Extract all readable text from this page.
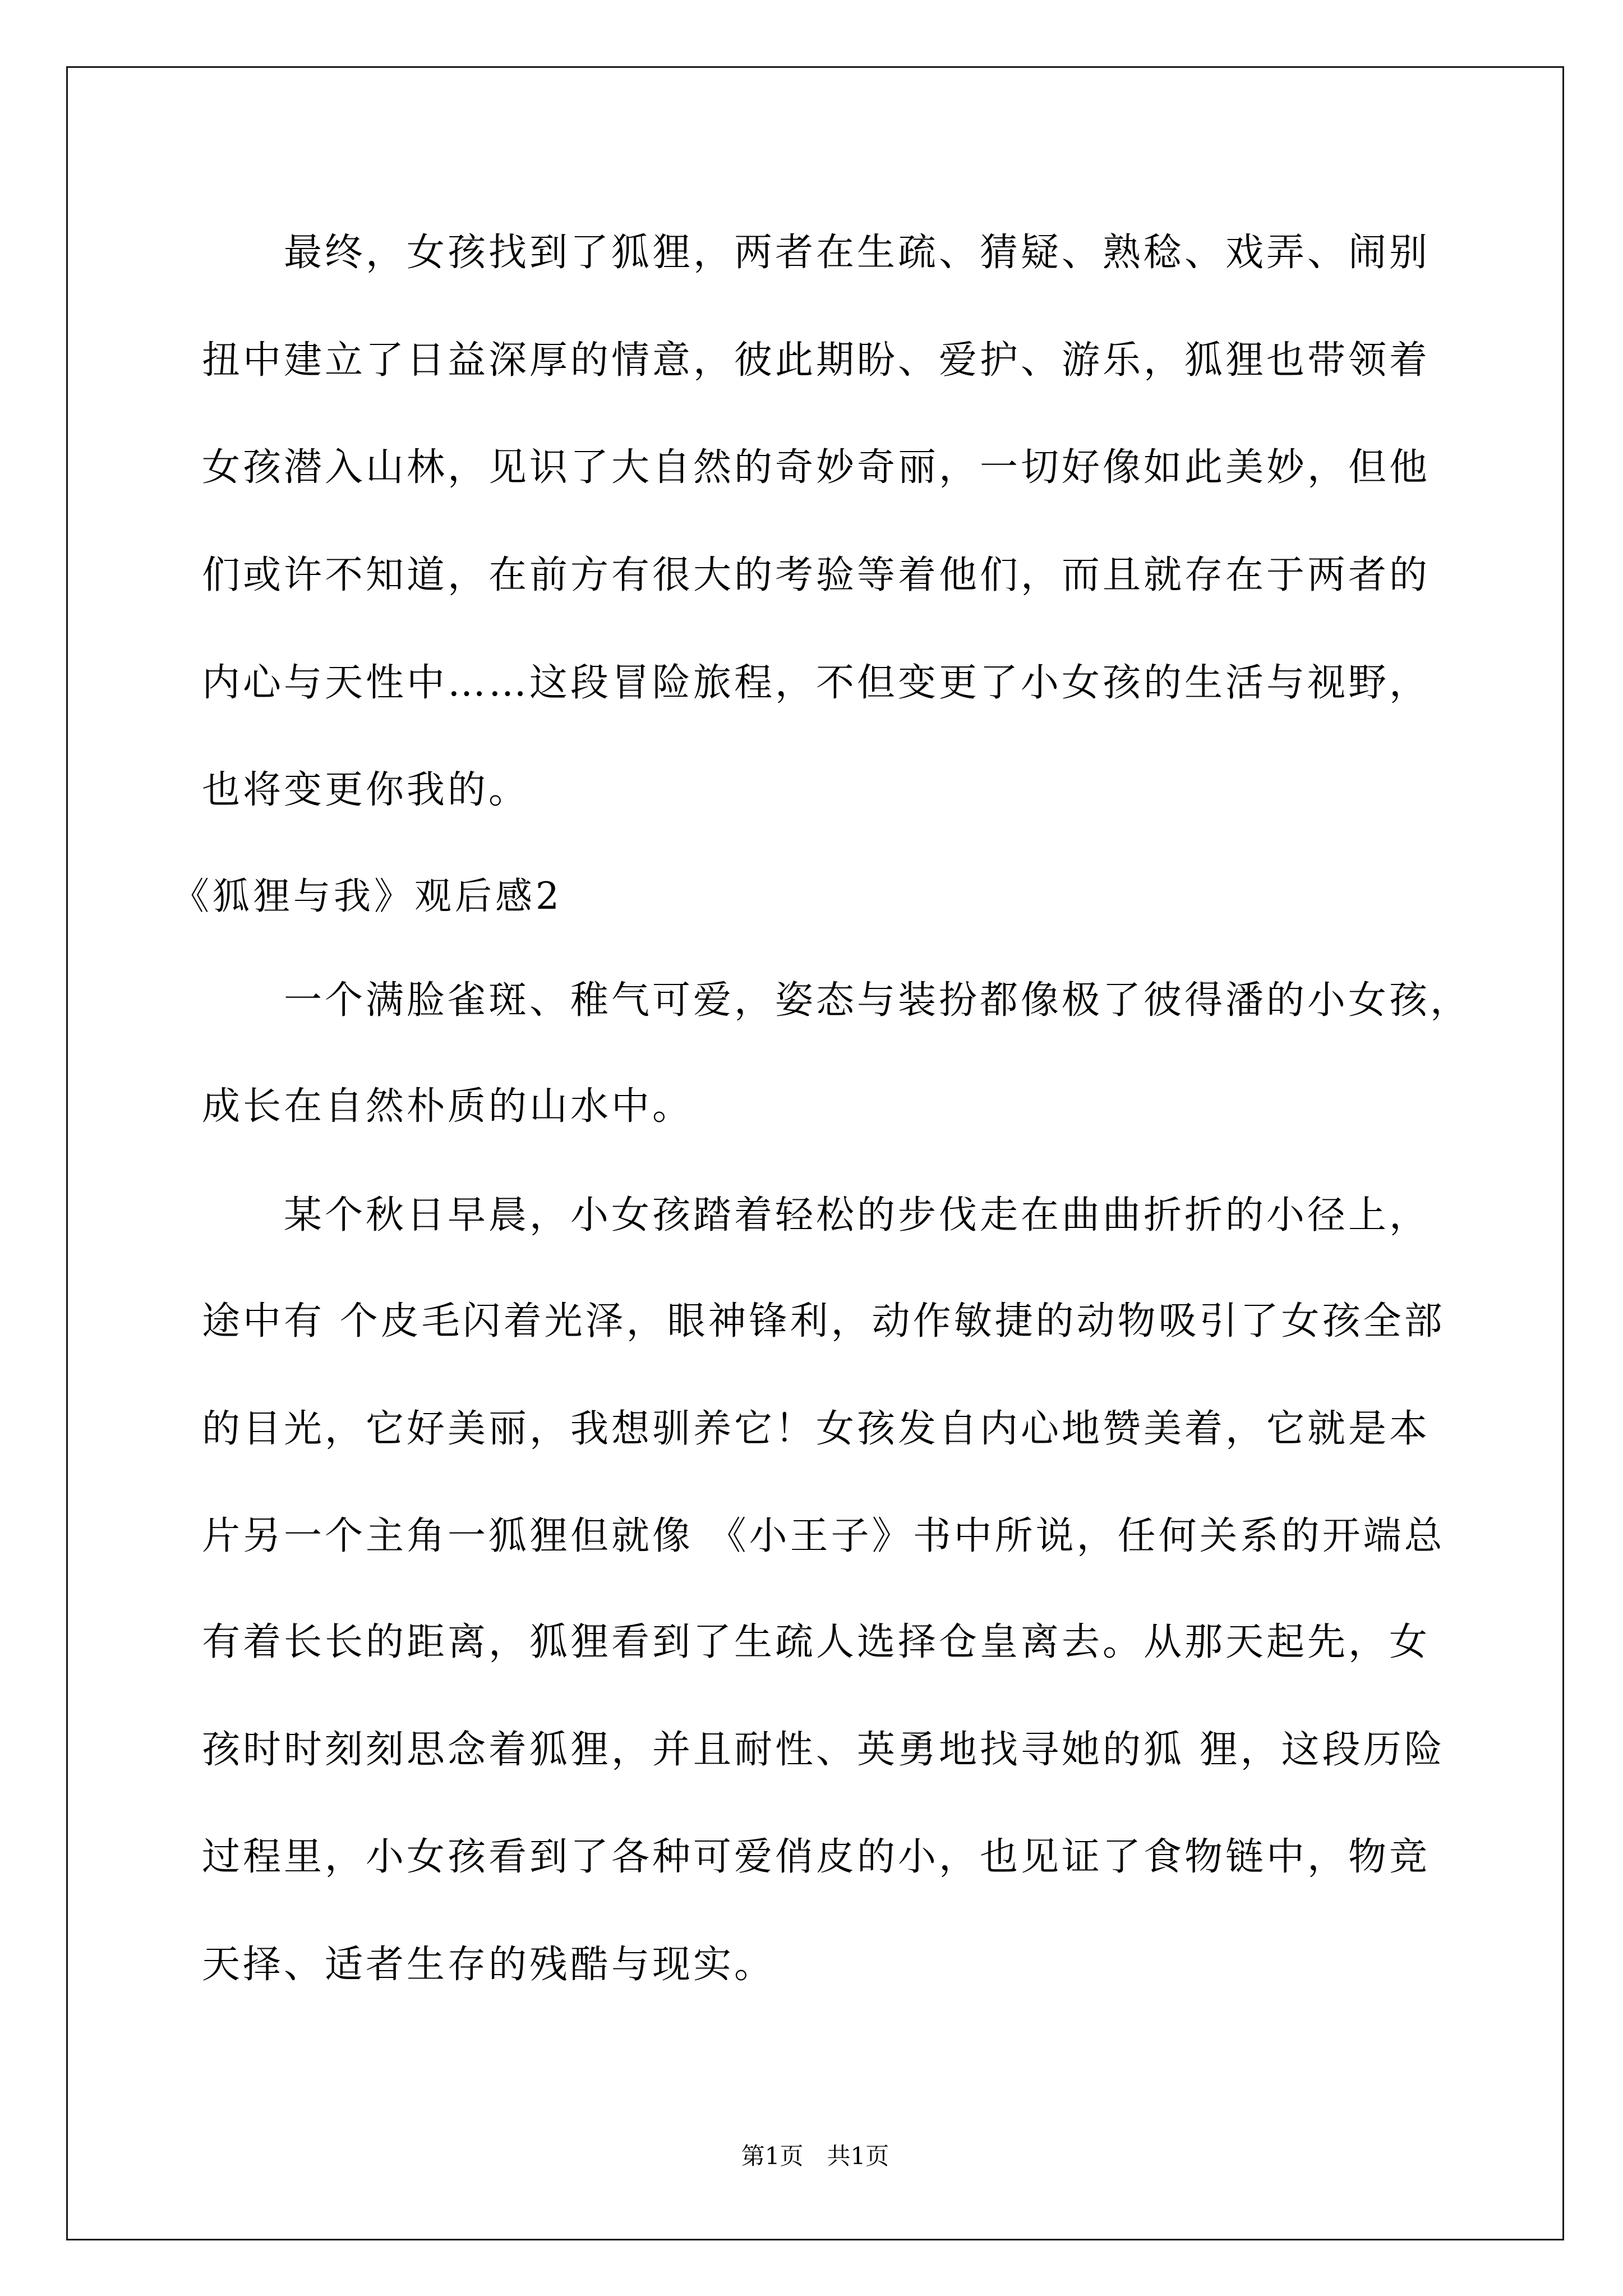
最终，女孩找到了狐狸，两者在生疏、猜疑、熟稔、戏弄、闹别
扭中建立了日益深厚的情意，彼此期盼、爱护、游乐，狐狸也带领着
女孩潜入山林，见识了大自然的奇妙奇丽，一切好像如此美妙，但他
们或许不知道，在前方有很大的考验等着他们，而且就存在于两者的
内心与天性中……这段冒险旅程，不但变更了小女孩的生活与视野，
也将变更你我的。
《狐狸与我》观后感2
一个满脸雀斑、稚气可爱，姿态与装扮都像极了彼得潘的小女孩，
成长在自然朴质的山水中。
某个秋日早晨，小女孩踏着轻松的步伐走在曲曲折折的小径上，
途中有 个皮毛闪着光泽，眼神锋利，动作敏捷的动物吸引了女孩全部
的目光，它好美丽，我想驯养它！女孩发自内心地赞美着，它就是本
片另一个主角一狐狸但就像 《小王子》书中所说，任何关系的开端总
有着长长的距离，狐狸看到了生疏人选择仓皇离去。从那天起先，女
孩时时刻刻思念着狐狸，并且耐性、英勇地找寻她的狐 狸，这段历险
过程里，小女孩看到了各种可爱俏皮的小，也见证了食物链中，物竞
天择、适者生存的残酷与现实。
第1页　共1页
